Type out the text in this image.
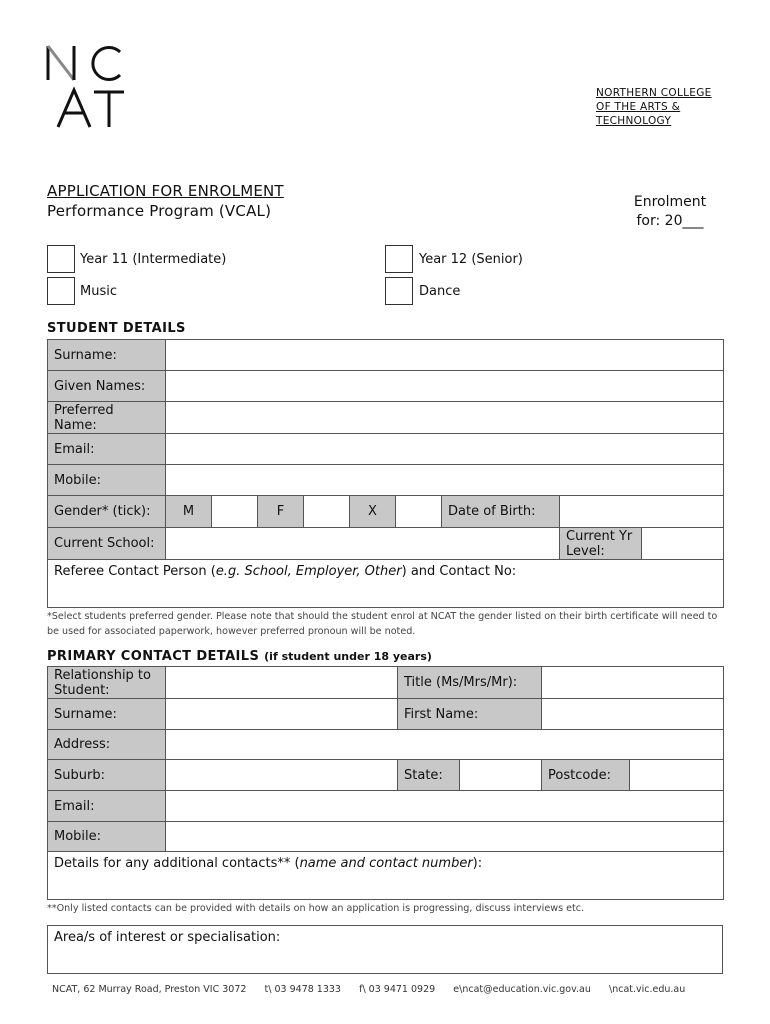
NORTHERN COLLEGE
OF THE ARTS &
TECHNOLOGY
APPLICATION FOR ENROLMENT
Performance Program (VCAL)	Enrolment
for: 20___
Year 11 (Intermediate)	Year 12 (Senior)
Music	Dance
STUDENT DETAILS
Surname:									
Given Names:									
Preferred Name:									
Email:									
Mobile:									
Gender* (tick):	M		F		X		Date of Birth:		
Current School:								Current Yr Level:	
Referee Contact Person (e.g. School, Employer, Other) and Contact No:									
*Select students preferred gender. Please note that should the student enrol at NCAT the gender listed on their birth certificate will need to be used for associated paperwork, however preferred pronoun will be noted.
PRIMARY CONTACT DETAILS (if student under 18 years)
Relationship to Student:		Title (Ms/Mrs/Mr):			
Surname:		First Name:			
Address:					
Suburb:		State:		Postcode:	
Email:					
Mobile:					
Details for any additional contacts** (name and contact number):					
**Only listed contacts can be provided with details on how an application is progressing, discuss interviews etc.
Area/s of interest or specialisation:
NCAT, 62 Murray Road, Preston VIC 3072 t\ 03 9478 1333 f\ 03 9471 0929 e\ncat@education.vic.gov.au \ncat.vic.edu.au
